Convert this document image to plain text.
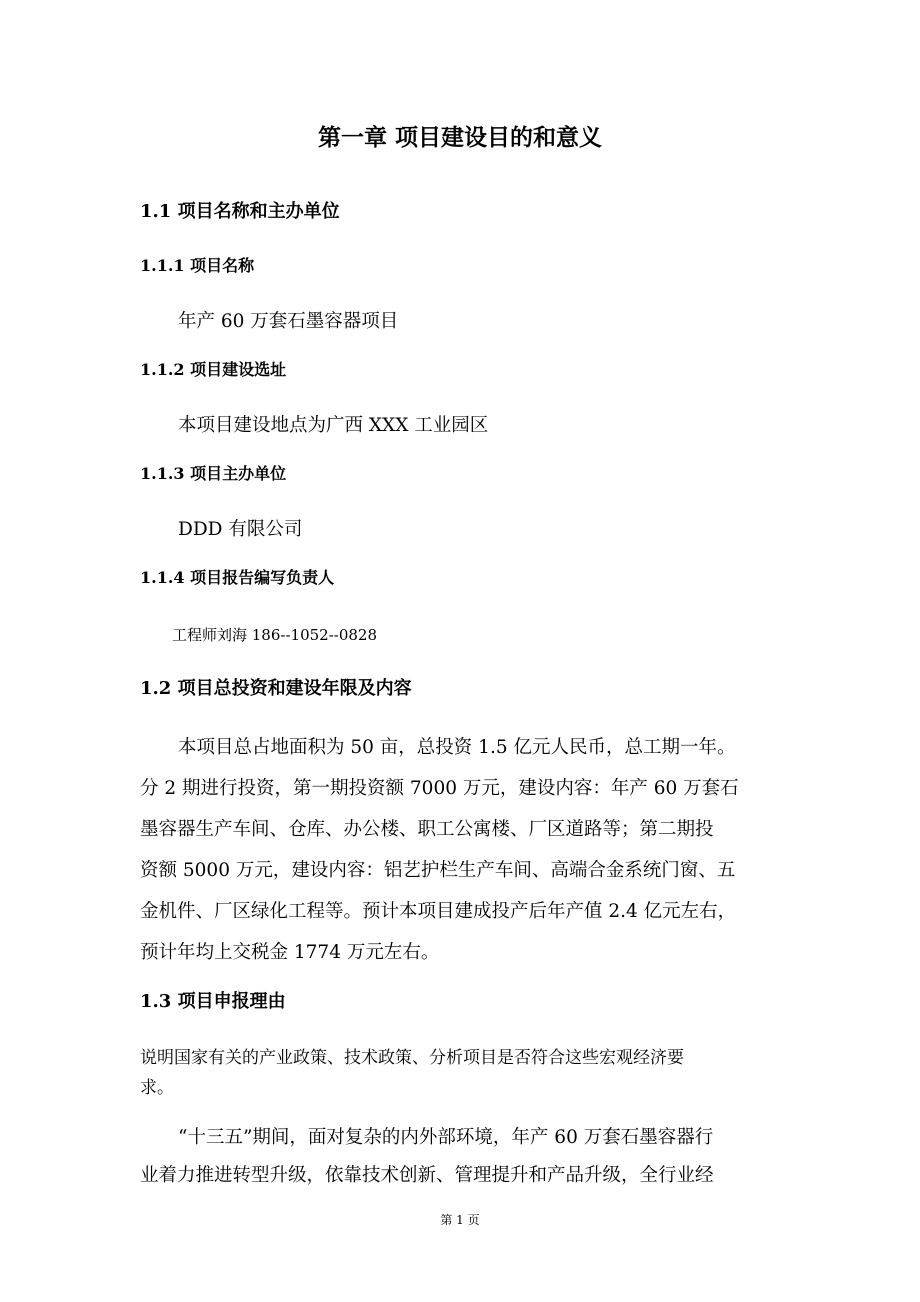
第一章 项目建设目的和意义
1.1 项目名称和主办单位
1.1.1 项目名称
年产 60 万套石墨容器项目
1.1.2 项目建设选址
本项目建设地点为广西 XXX 工业园区
1.1.3 项目主办单位
DDD 有限公司
1.1.4 项目报告编写负责人
工程师刘海 186--1052--0828
1.2 项目总投资和建设年限及内容
本项目总占地面积为 50 亩，总投资 1.5 亿元人民币，总工期一年。
分 2 期进行投资，第一期投资额 7000 万元，建设内容：年产 60 万套石
墨容器生产车间、仓库、办公楼、职工公寓楼、厂区道路等；第二期投
资额 5000 万元，建设内容：铝艺护栏生产车间、高端合金系统门窗、五
金机件、厂区绿化工程等。预计本项目建成投产后年产值 2.4 亿元左右，
预计年均上交税金 1774 万元左右。
1.3 项目申报理由
说明国家有关的产业政策、技术政策、分析项目是否符合这些宏观经济要
求。
“十三五”期间，面对复杂的内外部环境，年产 60 万套石墨容器行
业着力推进转型升级，依靠技术创新、管理提升和产品升级，全行业经
第 1 页
